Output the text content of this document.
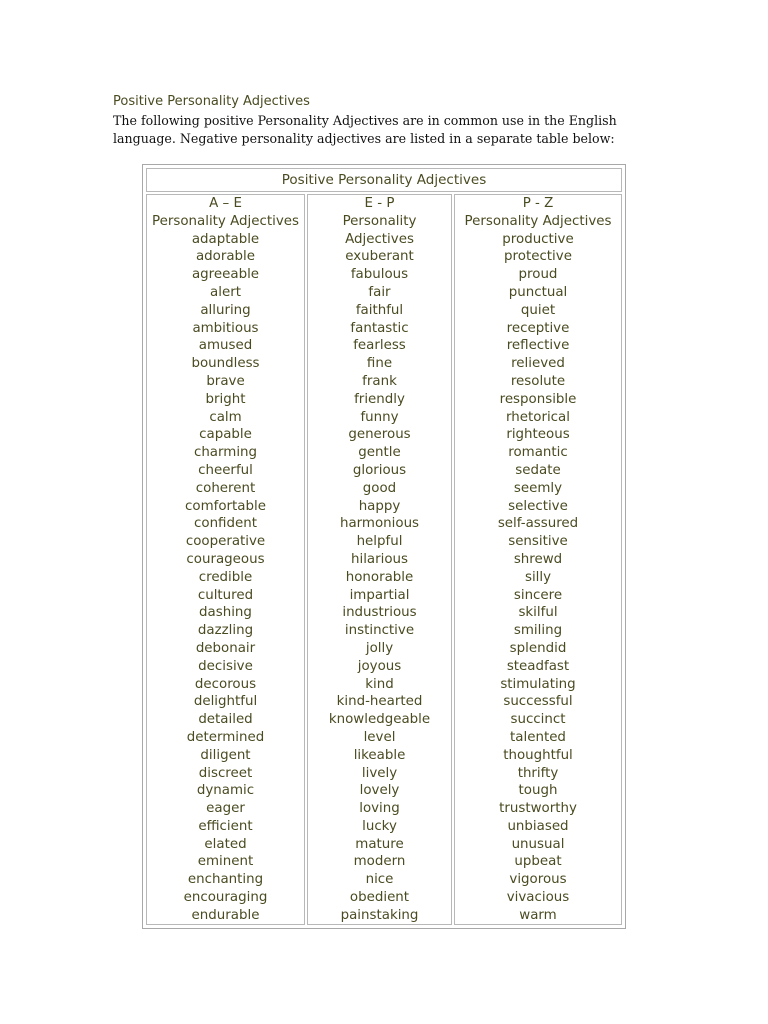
Positive Personality Adjectives
The following positive Personality Adjectives are in common use in the English
language. Negative personality adjectives are listed in a separate table below:
Positive Personality Adjectives
A – E
Personality Adjectives
adaptable
adorable
agreeable
alert
alluring
ambitious
amused
boundless
brave
bright
calm
capable
charming
cheerful
coherent
comfortable
confident
cooperative
courageous
credible
cultured
dashing
dazzling
debonair
decisive
decorous
delightful
detailed
determined
diligent
discreet
dynamic
eager
efficient
elated
eminent
enchanting
encouraging
endurable
E - P
Personality
Adjectives
exuberant
fabulous
fair
faithful
fantastic
fearless
fine
frank
friendly
funny
generous
gentle
glorious
good
happy
harmonious
helpful
hilarious
honorable
impartial
industrious
instinctive
jolly
joyous
kind
kind-hearted
knowledgeable
level
likeable
lively
lovely
loving
lucky
mature
modern
nice
obedient
painstaking
P - Z
Personality Adjectives
productive
protective
proud
punctual
quiet
receptive
reflective
relieved
resolute
responsible
rhetorical
righteous
romantic
sedate
seemly
selective
self-assured
sensitive
shrewd
silly
sincere
skilful
smiling
splendid
steadfast
stimulating
successful
succinct
talented
thoughtful
thrifty
tough
trustworthy
unbiased
unusual
upbeat
vigorous
vivacious
warm
